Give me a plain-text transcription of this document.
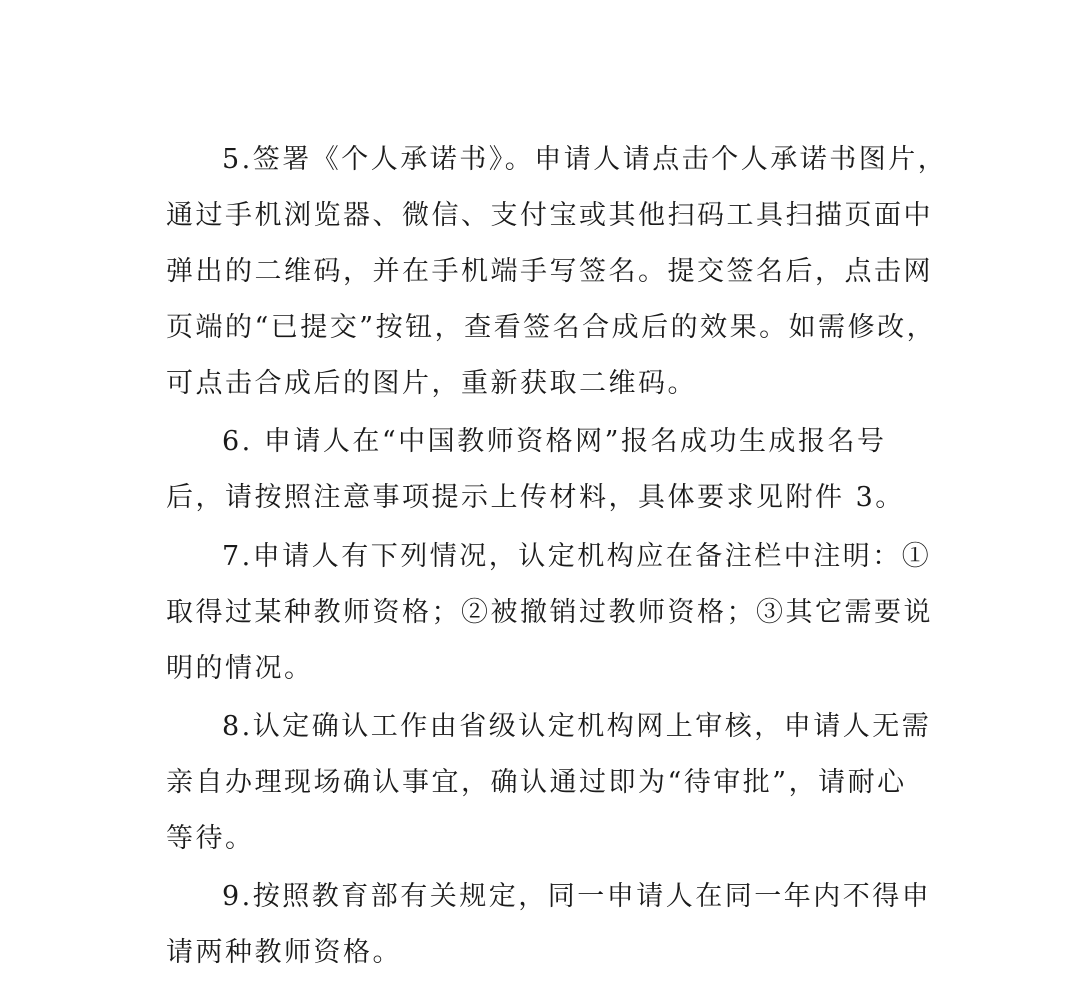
5.签署《个人承诺书》。申请人请点击个人承诺书图片，
通过手机浏览器、微信、支付宝或其他扫码工具扫描页面中
弹出的二维码，并在手机端手写签名。提交签名后，点击网
页端的“已提交”按钮，查看签名合成后的效果。如需修改，
可点击合成后的图片，重新获取二维码。
6. 申请人在“中国教师资格网”报名成功生成报名号
后，请按照注意事项提示上传材料，具体要求见附件 3。
7.申请人有下列情况，认定机构应在备注栏中注明：①
取得过某种教师资格；②被撤销过教师资格；③其它需要说
明的情况。
8.认定确认工作由省级认定机构网上审核，申请人无需
亲自办理现场确认事宜，确认通过即为“待审批”，请耐心
等待。
9.按照教育部有关规定，同一申请人在同一年内不得申
请两种教师资格。
